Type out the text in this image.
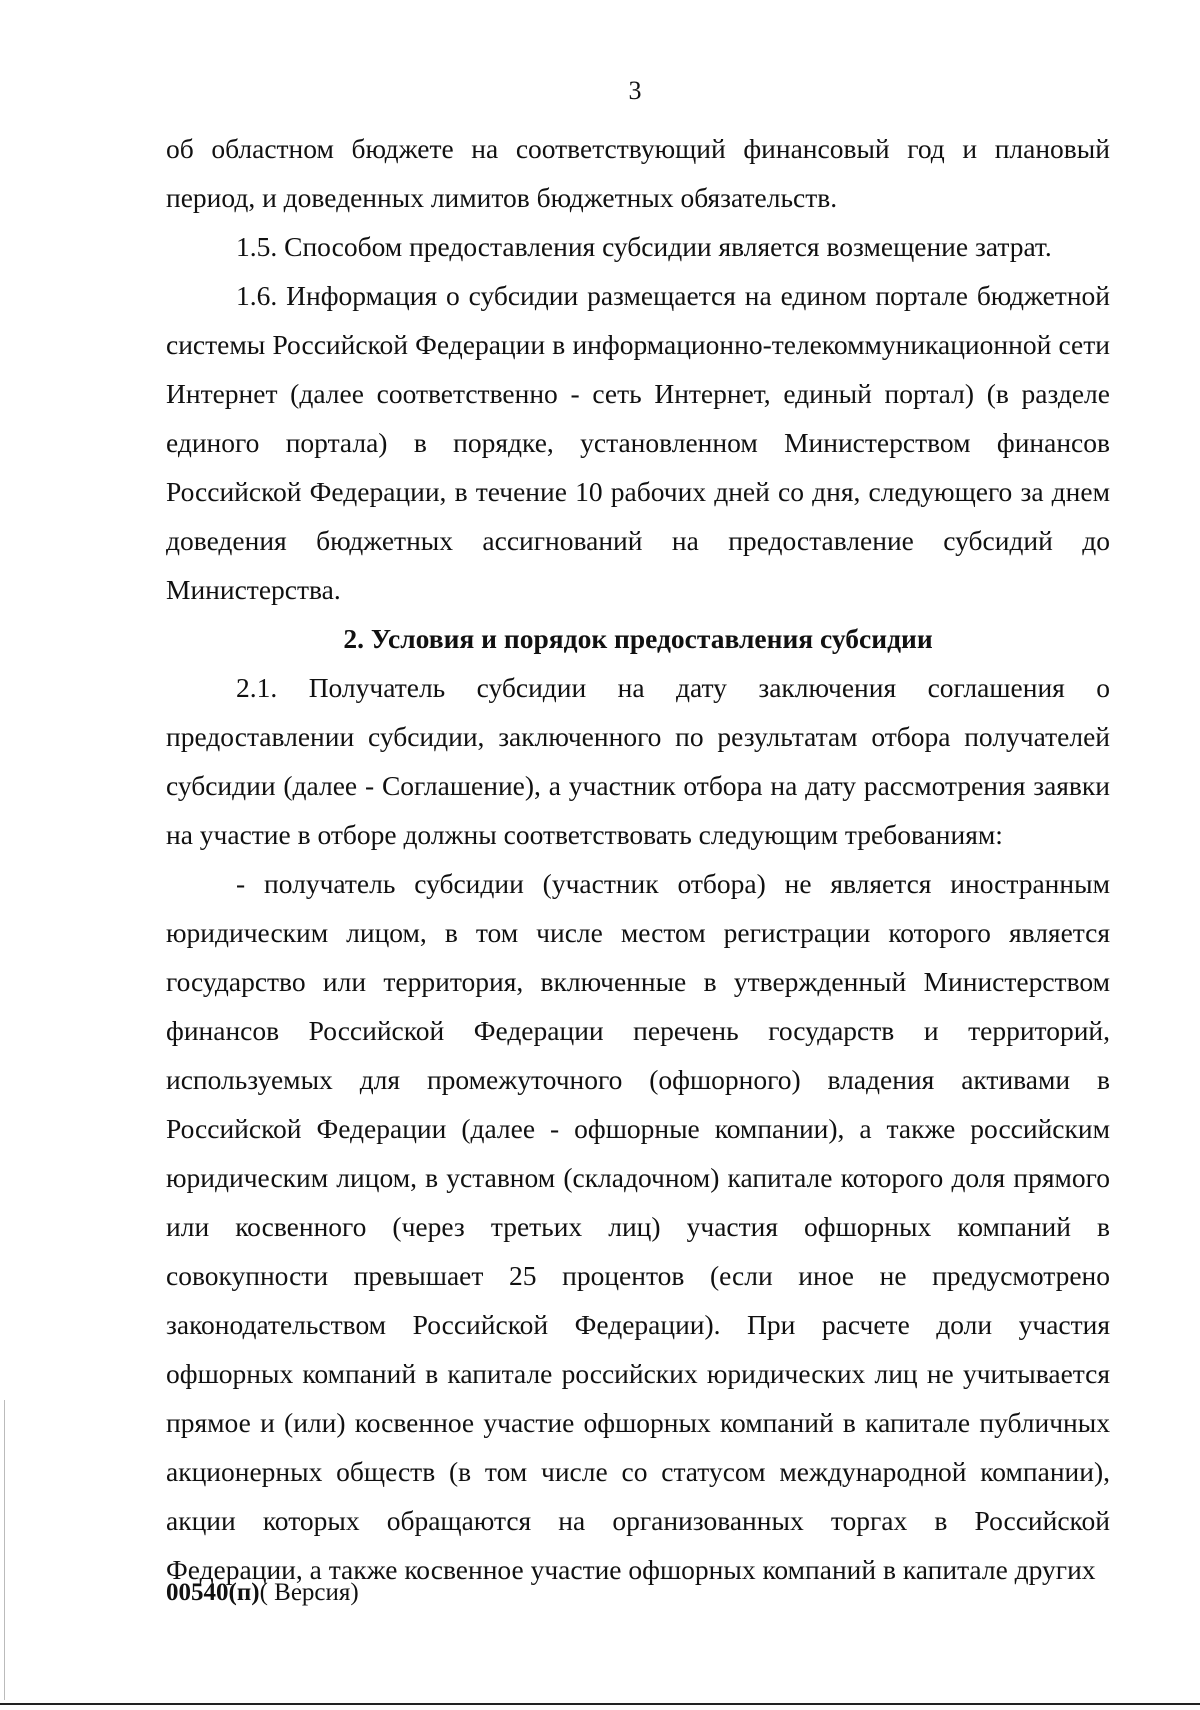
3

об областном бюджете на соответствующий финансовый год и плановый период, и доведенных лимитов бюджетных обязательств.

1.5. Способом предоставления субсидии является возмещение затрат.

1.6. Информация о субсидии размещается на едином портале бюджетной системы Российской Федерации в информационно-телекоммуникационной сети Интернет (далее соответственно - сеть Интернет, единый портал) (в разделе единого портала) в порядке, установленном Министерством финансов Российской Федерации, в течение 10 рабочих дней со дня, следующего за днем доведения бюджетных ассигнований на предоставление субсидий до Министерства.

2. Условия и порядок предоставления субсидии

2.1. Получатель субсидии на дату заключения соглашения о предоставлении субсидии, заключенного по результатам отбора получателей субсидии (далее - Соглашение), а участник отбора на дату рассмотрения заявки на участие в отборе должны соответствовать следующим требованиям:

- получатель субсидии (участник отбора) не является иностранным юридическим лицом, в том числе местом регистрации которого является государство или территория, включенные в утвержденный Министерством финансов Российской Федерации перечень государств и территорий, используемых для промежуточного (офшорного) владения активами в Российской Федерации (далее - офшорные компании), а также российским юридическим лицом, в уставном (складочном) капитале которого доля прямого или косвенного (через третьих лиц) участия офшорных компаний в совокупности превышает 25 процентов (если иное не предусмотрено законодательством Российской Федерации). При расчете доли участия офшорных компаний в капитале российских юридических лиц не учитывается прямое и (или) косвенное участие офшорных компаний в капитале публичных акционерных обществ (в том числе со статусом международной компании), акции которых обращаются на организованных торгах в Российской Федерации, а также косвенное участие офшорных компаний в капитале других

00540(п)( Версия)
